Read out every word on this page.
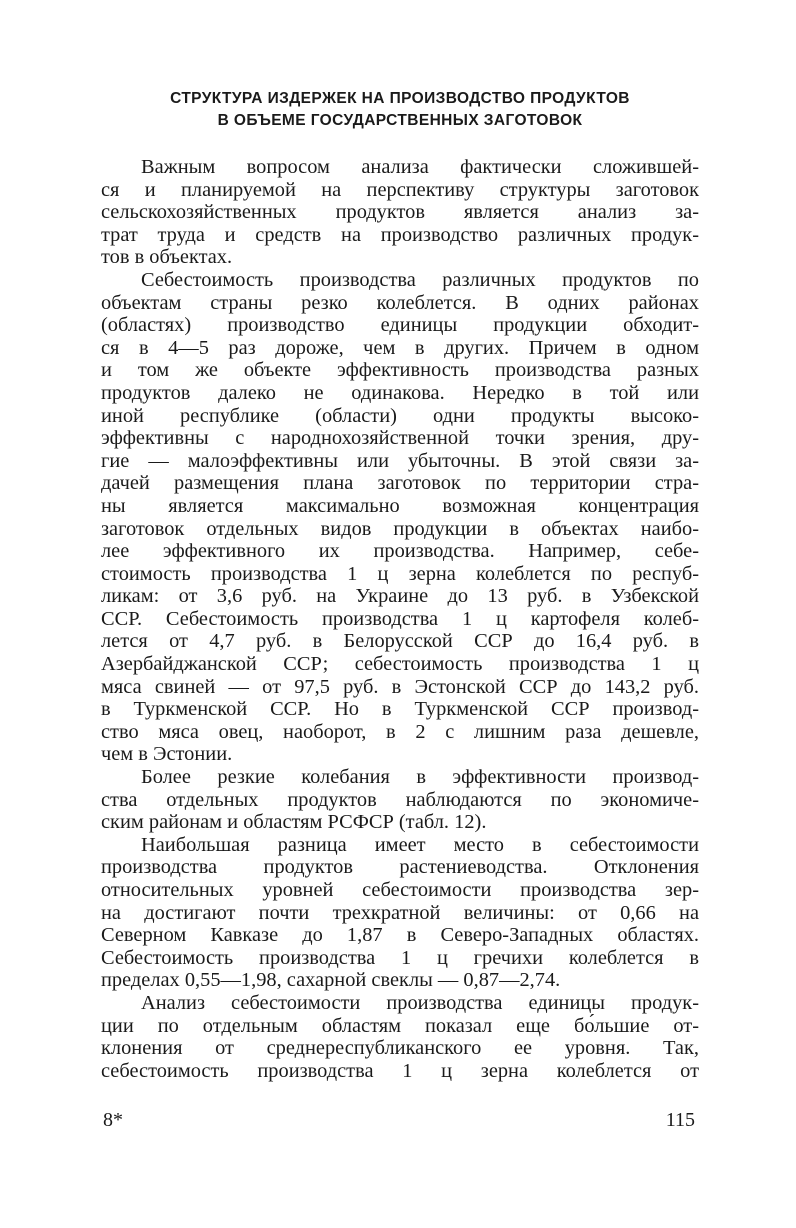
СТРУКТУРА ИЗДЕРЖЕК НА ПРОИЗВОДСТВО ПРОДУКТОВ
В ОБЪЕМЕ ГОСУДАРСТВЕННЫХ ЗАГОТОВОК
Важным вопросом анализа фактически сложившей-
ся и планируемой на перспективу структуры заготовок
сельскохозяйственных продуктов является анализ за-
трат труда и средств на производство различных продук-
тов в объектах.
Себестоимость производства различных продуктов по
объектам страны резко колеблется. В одних районах
(областях) производство единицы продукции обходит-
ся в 4—5 раз дороже, чем в других. Причем в одном
и том же объекте эффективность производства разных
продуктов далеко не одинакова. Нередко в той или
иной республике (области) одни продукты высоко-
эффективны с народнохозяйственной точки зрения, дру-
гие — малоэффективны или убыточны. В этой связи за-
дачей размещения плана заготовок по территории стра-
ны является максимально возможная концентрация
заготовок отдельных видов продукции в объектах наибо-
лее эффективного их производства. Например, себе-
стоимость производства 1 ц зерна колеблется по респуб-
ликам: от 3,6 руб. на Украине до 13 руб. в Узбекской
ССР. Себестоимость производства 1 ц картофеля колеб-
лется от 4,7 руб. в Белорусской ССР до 16,4 руб. в
Азербайджанской ССР; себестоимость производства 1 ц
мяса свиней — от 97,5 руб. в Эстонской ССР до 143,2 руб.
в Туркменской ССР. Но в Туркменской ССР производ-
ство мяса овец, наоборот, в 2 с лишним раза дешевле,
чем в Эстонии.
Более резкие колебания в эффективности производ-
ства отдельных продуктов наблюдаются по экономиче-
ским районам и областям РСФСР (табл. 12).
Наибольшая разница имеет место в себестоимости
производства продуктов растениеводства. Отклонения
относительных уровней себестоимости производства зер-
на достигают почти трехкратной величины: от 0,66 на
Северном Кавказе до 1,87 в Северо-Западных областях.
Себестоимость производства 1 ц гречихи колеблется в
пределах 0,55—1,98, сахарной свеклы — 0,87—2,74.
Анализ себестоимости производства единицы продук-
ции по отдельным областям показал еще бо́льшие от-
клонения от среднереспубликанского ее уровня. Так,
себестоимость производства 1 ц зерна колеблется от
8*	115
